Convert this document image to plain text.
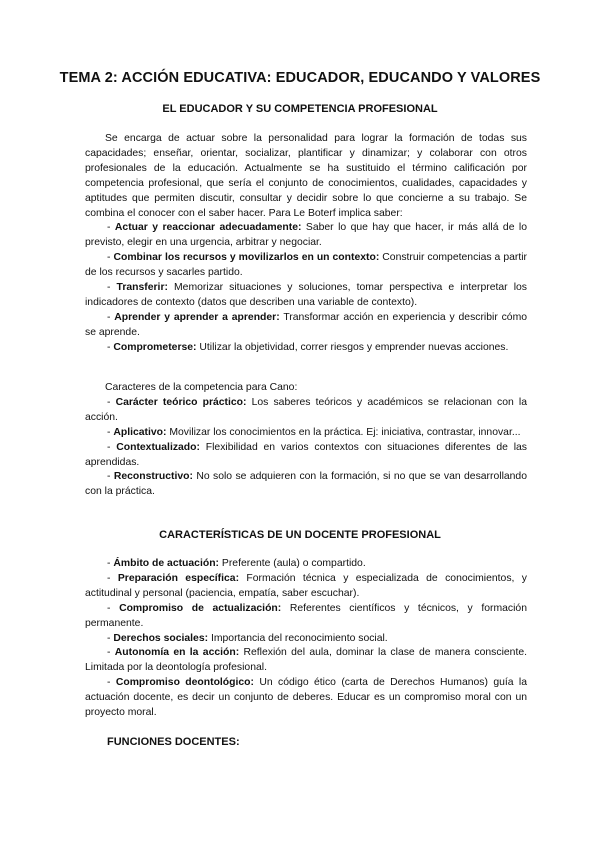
TEMA 2: ACCIÓN EDUCATIVA: EDUCADOR, EDUCANDO Y VALORES
EL EDUCADOR Y SU COMPETENCIA PROFESIONAL

Se encarga de actuar sobre la personalidad para lograr la formación de todas sus capacidades; enseñar, orientar, socializar, plantificar y dinamizar; y colaborar con otros profesionales de la educación. Actualmente se ha sustituido el término calificación por competencia profesional, que sería el conjunto de conocimientos, cualidades, capacidades y aptitudes que permiten discutir, consultar y decidir sobre lo que concierne a su trabajo. Se combina el conocer con el saber hacer. Para Le Boterf implica saber:

- Actuar y reaccionar adecuadamente: Saber lo que hay que hacer, ir más allá de lo previsto, elegir en una urgencia, arbitrar y negociar.

- Combinar los recursos y movilizarlos en un contexto: Construir competencias a partir de los recursos y sacarles partido.

- Transferir: Memorizar situaciones y soluciones, tomar perspectiva e interpretar los indicadores de contexto (datos que describen una variable de contexto).

- Aprender y aprender a aprender: Transformar acción en experiencia y describir cómo se aprende.

- Comprometerse: Utilizar la objetividad, correr riesgos y emprender nuevas acciones.

Caracteres de la competencia para Cano:

- Carácter teórico práctico: Los saberes teóricos y académicos se relacionan con la acción.

- Aplicativo: Movilizar los conocimientos en la práctica. Ej: iniciativa, contrastar, innovar...

- Contextualizado: Flexibilidad en varios contextos con situaciones diferentes de las aprendidas.

- Reconstructivo: No solo se adquieren con la formación, si no que se van desarrollando con la práctica.

CARACTERÍSTICAS DE UN DOCENTE PROFESIONAL

- Ámbito de actuación: Preferente (aula) o compartido.

- Preparación específica: Formación técnica y especializada de conocimientos, y actitudinal y personal (paciencia, empatía, saber escuchar).

- Compromiso de actualización: Referentes científicos y técnicos, y formación permanente.

- Derechos sociales: Importancia del reconocimiento social.

- Autonomía en la acción: Reflexión del aula, dominar la clase de manera consciente. Limitada por la deontología profesional.

- Compromiso deontológico: Un código ético (carta de Derechos Humanos) guía la actuación docente, es decir un conjunto de deberes. Educar es un compromiso moral con un proyecto moral.

FUNCIONES DOCENTES:
